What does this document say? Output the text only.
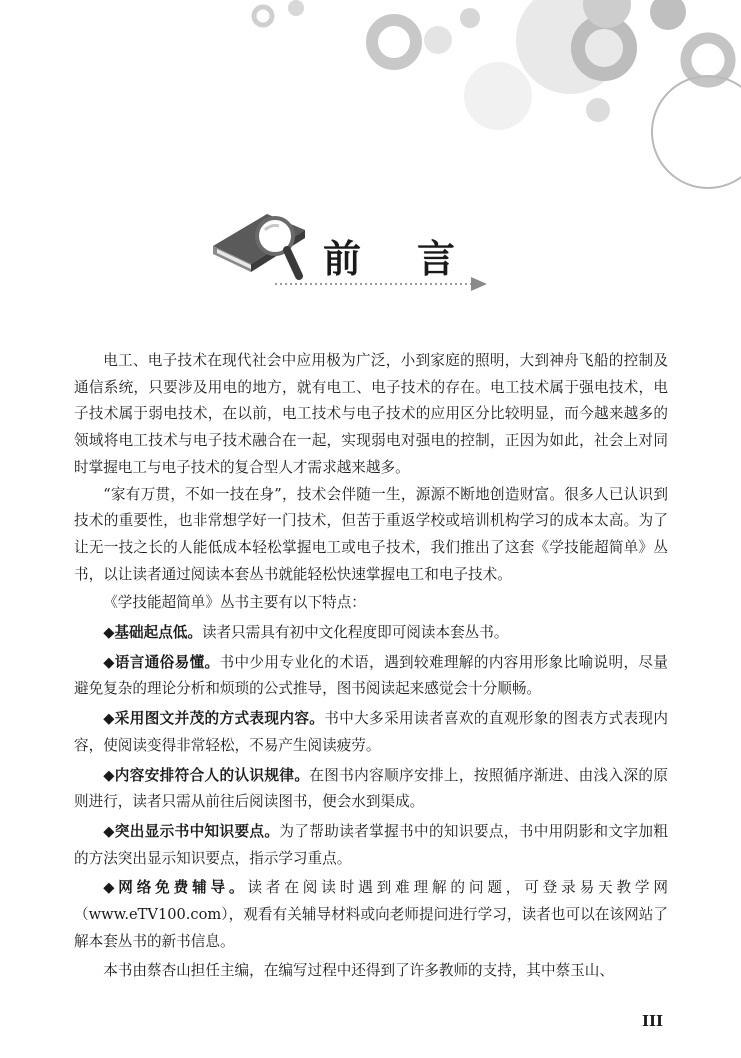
前 言

电工、电子技术在现代社会中应用极为广泛，小到家庭的照明，大到神舟飞船的控制及通信系统，只要涉及用电的地方，就有电工、电子技术的存在。电工技术属于强电技术，电子技术属于弱电技术，在以前，电工技术与电子技术的应用区分比较明显，而今越来越多的领域将电工技术与电子技术融合在一起，实现弱电对强电的控制，正因为如此，社会上对同时掌握电工与电子技术的复合型人才需求越来越多。

“家有万贯，不如一技在身”，技术会伴随一生，源源不断地创造财富。很多人已认识到技术的重要性，也非常想学好一门技术，但苦于重返学校或培训机构学习的成本太高。为了让无一技之长的人能低成本轻松掌握电工或电子技术，我们推出了这套《学技能超简单》丛书，以让读者通过阅读本套丛书就能轻松快速掌握电工和电子技术。

《学技能超简单》丛书主要有以下特点：

◆基础起点低。读者只需具有初中文化程度即可阅读本套丛书。

◆语言通俗易懂。书中少用专业化的术语，遇到较难理解的内容用形象比喻说明，尽量避免复杂的理论分析和烦琐的公式推导，图书阅读起来感觉会十分顺畅。

◆采用图文并茂的方式表现内容。书中大多采用读者喜欢的直观形象的图表方式表现内容，使阅读变得非常轻松，不易产生阅读疲劳。

◆内容安排符合人的认识规律。在图书内容顺序安排上，按照循序渐进、由浅入深的原则进行，读者只需从前往后阅读图书，便会水到渠成。

◆突出显示书中知识要点。为了帮助读者掌握书中的知识要点，书中用阴影和文字加粗的方法突出显示知识要点，指示学习重点。

◆网络免费辅导。读者在阅读时遇到难理解的问题，可登录易天教学网（www.eTV100.com），观看有关辅导材料或向老师提问进行学习，读者也可以在该网站了解本套丛书的新书信息。

本书由蔡杏山担任主编，在编写过程中还得到了许多教师的支持，其中蔡玉山、

III
